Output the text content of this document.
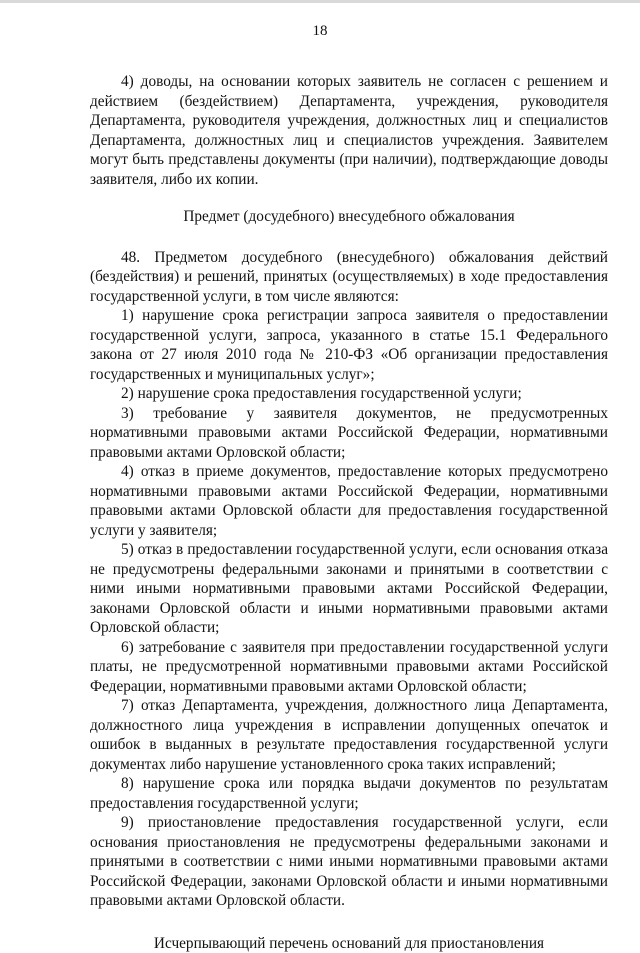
18

4) доводы, на основании которых заявитель не согласен с решением и действием (бездействием) Департамента, учреждения, руководителя Департамента, руководителя учреждения, должностных лиц и специалистов Департамента, должностных лиц и специалистов учреждения. Заявителем могут быть представлены документы (при наличии), подтверждающие доводы заявителя, либо их копии.

Предмет (досудебного) внесудебного обжалования

48. Предметом досудебного (внесудебного) обжалования действий (бездействия) и решений, принятых (осуществляемых) в ходе предоставления государственной услуги, в том числе являются:

1) нарушение срока регистрации запроса заявителя о предоставлении государственной услуги, запроса, указанного в статье 15.1 Федерального закона от 27 июля 2010 года № 210-ФЗ «Об организации предоставления государственных и муниципальных услуг»;

2) нарушение срока предоставления государственной услуги;

3) требование у заявителя документов, не предусмотренных нормативными правовыми актами Российской Федерации, нормативными правовыми актами Орловской области;

4) отказ в приеме документов, предоставление которых предусмотрено нормативными правовыми актами Российской Федерации, нормативными правовыми актами Орловской области для предоставления государственной услуги у заявителя;

5) отказ в предоставлении государственной услуги, если основания отказа не предусмотрены федеральными законами и принятыми в соответствии с ними иными нормативными правовыми актами Российской Федерации, законами Орловской области и иными нормативными правовыми актами Орловской области;

6) затребование с заявителя при предоставлении государственной услуги платы, не предусмотренной нормативными правовыми актами Российской Федерации, нормативными правовыми актами Орловской области;

7) отказ Департамента, учреждения, должностного лица Департамента, должностного лица учреждения в исправлении допущенных опечаток и ошибок в выданных в результате предоставления государственной услуги документах либо нарушение установленного срока таких исправлений;

8) нарушение срока или порядка выдачи документов по результатам предоставления государственной услуги;

9) приостановление предоставления государственной услуги, если основания приостановления не предусмотрены федеральными законами и принятыми в соответствии с ними иными нормативными правовыми актами Российской Федерации, законами Орловской области и иными нормативными правовыми актами Орловской области.

Исчерпывающий перечень оснований для приостановления
